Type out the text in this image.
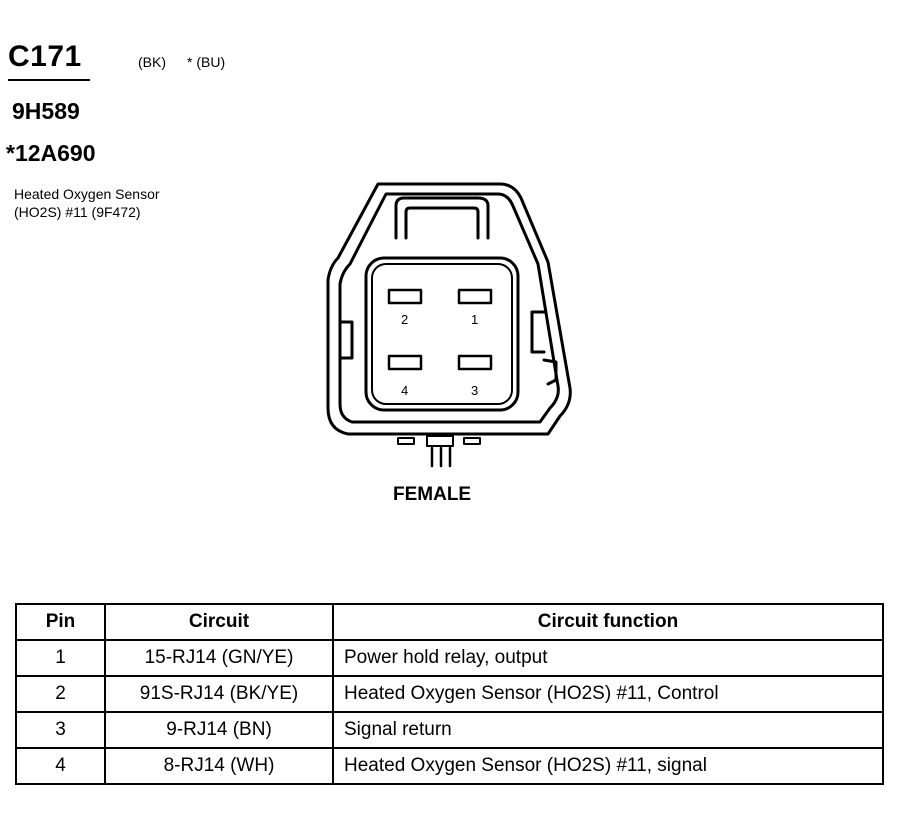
C171	(BK) * (BU)
9H589
*12A690
Heated Oxygen Sensor
(HO2S) #11 (9F472)
2	1
4	3
FEMALE
Pin	Circuit	Circuit function
1	15-RJ14 (GN/YE)	Power hold relay, output
2	91S-RJ14 (BK/YE)	Heated Oxygen Sensor (HO2S) #11, Control
3	9-RJ14 (BN)	Signal return
4	8-RJ14 (WH)	Heated Oxygen Sensor (HO2S) #11, signal
